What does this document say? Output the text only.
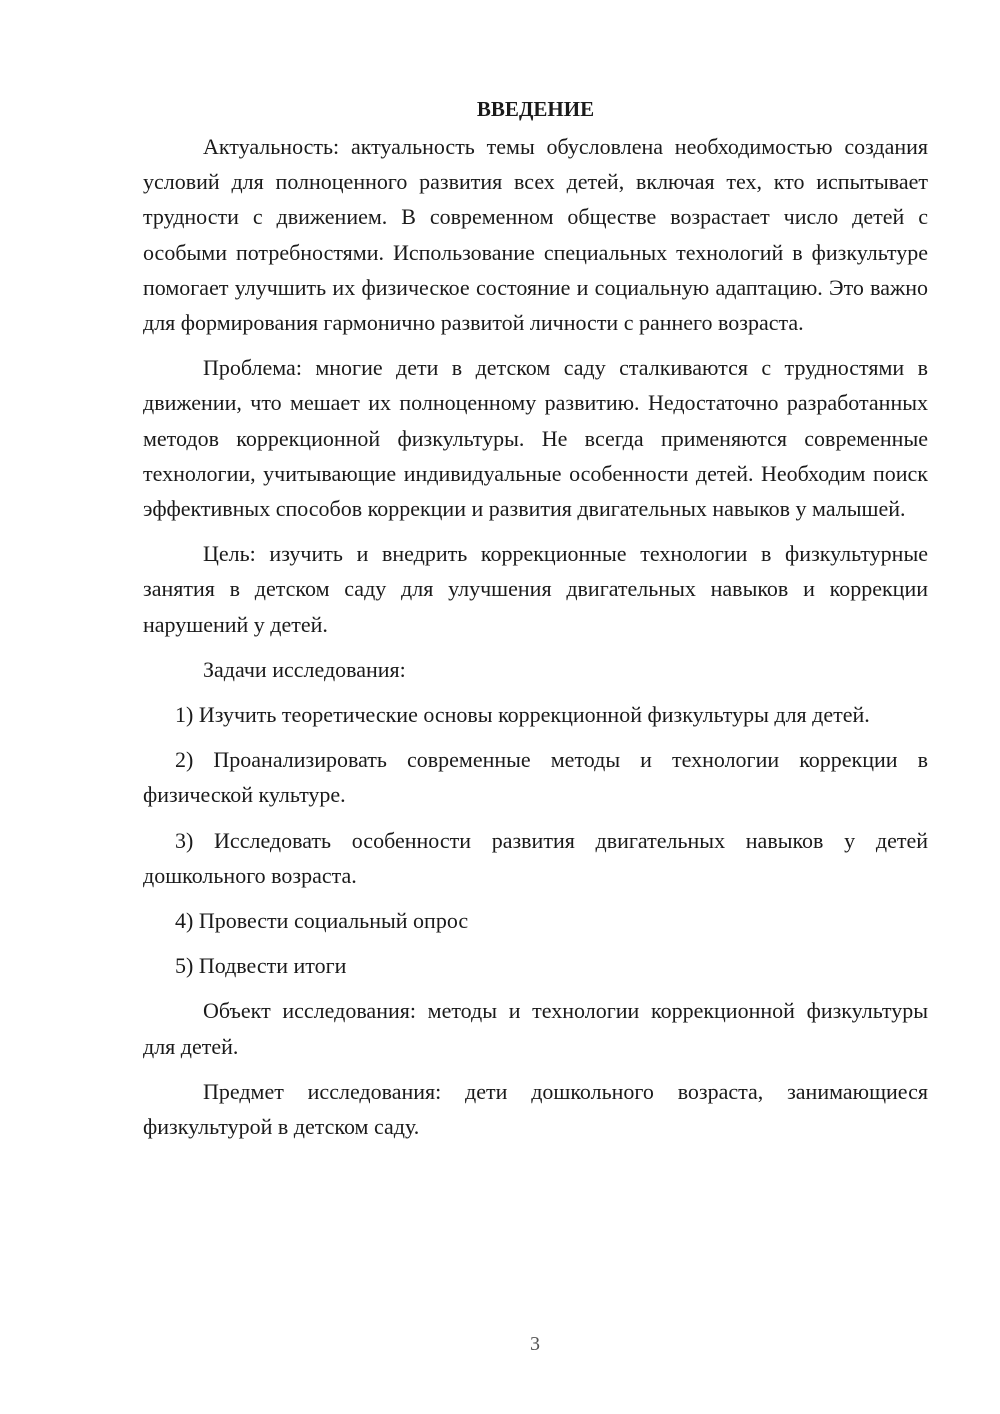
ВВЕДЕНИЕ

Актуальность: актуальность темы обусловлена необходимостью создания условий для полноценного развития всех детей, включая тех, кто испытывает трудности с движением. В современном обществе возрастает число детей с особыми потребностями. Использование специальных технологий в физкультуре помогает улучшить их физическое состояние и социальную адаптацию. Это важно для формирования гармонично развитой личности с раннего возраста.

Проблема: многие дети в детском саду сталкиваются с трудностями в движении, что мешает их полноценному развитию. Недостаточно разработанных методов коррекционной физкультуры. Не всегда применяются современные технологии, учитывающие индивидуальные особенности детей. Необходим поиск эффективных способов коррекции и развития двигательных навыков у малышей.

Цель: изучить и внедрить коррекционные технологии в физкультурные занятия в детском саду для улучшения двигательных навыков и коррекции нарушений у детей.

Задачи исследования:

1) Изучить теоретические основы коррекционной физкультуры для детей.

2) Проанализировать современные методы и технологии коррекции в физической культуре.

3) Исследовать особенности развития двигательных навыков у детей дошкольного возраста.

4) Провести социальный опрос

5) Подвести итоги

Объект исследования: методы и технологии коррекционной физкультуры для детей.

Предмет исследования: дети дошкольного возраста, занимающиеся физкультурой в детском саду.

3
